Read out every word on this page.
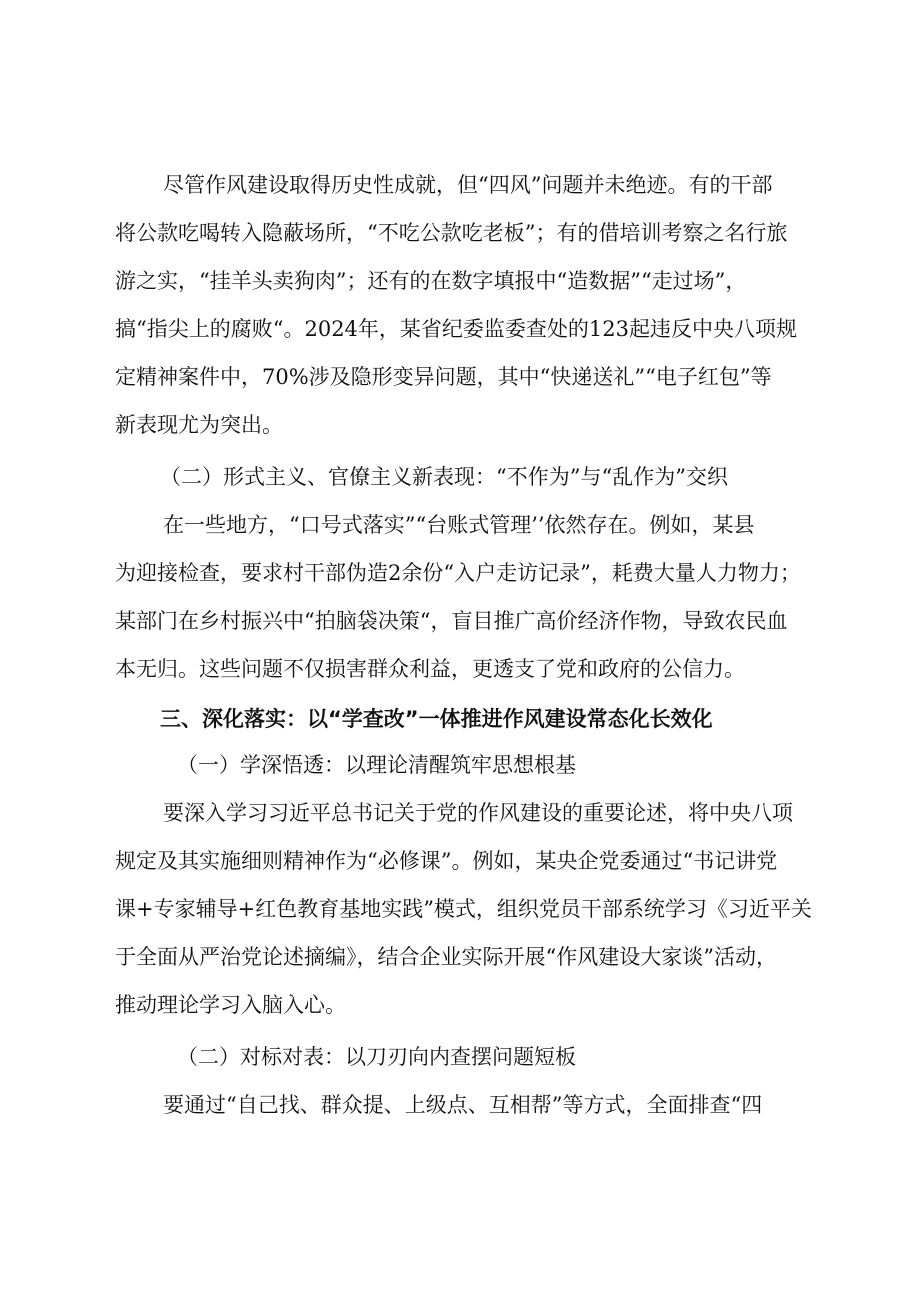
尽管作风建设取得历史性成就，但“四风”问题并未绝迹。有的干部
将公款吃喝转入隐蔽场所，“不吃公款吃老板”；有的借培训考察之名行旅
游之实，“挂羊头卖狗肉”；还有的在数字填报中“造数据”“走过场”，
搞“指尖上的腐败“。2024年，某省纪委监委查处的123起违反中央八项规
定精神案件中，70%涉及隐形变异问题，其中“快递送礼”“电子红包”等
新表现尤为突出。
（二）形式主义、官僚主义新表现：“不作为”与“乱作为”交织
在一些地方，“口号式落实”“台账式管理’’依然存在。例如，某县
为迎接检查，要求村干部伪造2余份“入户走访记录”，耗费大量人力物力；
某部门在乡村振兴中“拍脑袋决策“，盲目推广高价经济作物，导致农民血
本无归。这些问题不仅损害群众利益，更透支了党和政府的公信力。
三、深化落实：以“学查改”一体推进作风建设常态化长效化
（一）学深悟透：以理论清醒筑牢思想根基
要深入学习习近平总书记关于党的作风建设的重要论述，将中央八项
规定及其实施细则精神作为“必修课”。例如，某央企党委通过“书记讲党
课+专家辅导+红色教育基地实践”模式，组织党员干部系统学习《习近平关
于全面从严治党论述摘编》，结合企业实际开展“作风建设大家谈”活动，
推动理论学习入脑入心。
（二）对标对表：以刀刃向内查摆问题短板
要通过“自己找、群众提、上级点、互相帮”等方式，全面排查“四
